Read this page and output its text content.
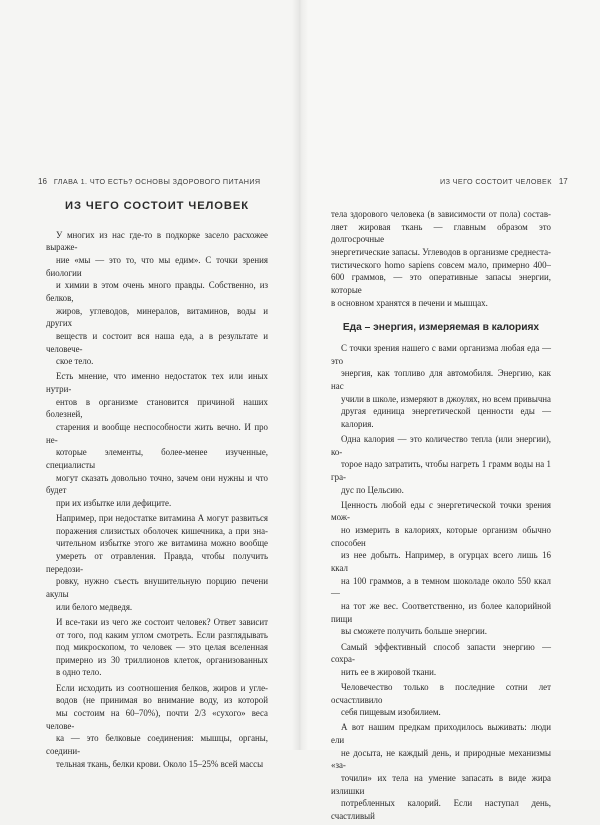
16 ГЛАВА 1. ЧТО ЕСТЬ? ОСНОВЫ ЗДОРОВОГО ПИТАНИЯ	ИЗ ЧЕГО СОСТОИТ ЧЕЛОВЕК 17
ИЗ ЧЕГО СОСТОИТ ЧЕЛОВЕК

У многих из нас где-то в подкорке засело расхожее выраже-
ние «мы — это то, что мы едим». С точки зрения биологии
и химии в этом очень много правды. Собственно, из белков,
жиров, углеводов, минералов, витаминов, воды и других
веществ и состоит вся наша еда, а в результате и человече-
ское тело.

Есть мнение, что именно недостаток тех или иных нутри-
ентов в организме становится причиной наших болезней,
старения и вообще неспособности жить вечно. И про не-
которые элементы, более-менее изученные, специалисты
могут сказать довольно точно, зачем они нужны и что будет
при их избытке или дефиците.

Например, при недостатке витамина А могут развиться
поражения слизистых оболочек кишечника, а при зна-
чительном избытке этого же витамина можно вообще
умереть от отравления. Правда, чтобы получить передози-
ровку, нужно съесть внушительную порцию печени акулы
или белого медведя.

И все-таки из чего же состоит человек? Ответ зависит
от того, под каким углом смотреть. Если разглядывать
под микроскопом, то человек — это целая вселенная
примерно из 30 триллионов клеток, организованных
в одно тело.

Если исходить из соотношения белков, жиров и угле-
водов (не принимая во внимание воду, из которой
мы состоим на 60–70%), почти 2/3 «сухого» веса челове-
ка — это белковые соединения: мышцы, органы, соедини-
тельная ткань, белки крови. Около 15–25% всей массы

тела здорового человека (в зависимости от пола) состав-
ляет жировая ткань — главным образом это долгосрочные
энергетические запасы. Углеводов в организме среднеста-
тистического homo sapiens совсем мало, примерно 400–
600 граммов, — это оперативные запасы энергии, которые
в основном хранятся в печени и мышцах.

Еда – энергия, измеряемая в калориях

С точки зрения нашего с вами организма любая еда — это
энергия, как топливо для автомобиля. Энергию, как нас
учили в школе, измеряют в джоулях, но всем привычна
другая единица энергетической ценности еды —
калория.

Одна калория — это количество тепла (или энергии), ко-
торое надо затратить, чтобы нагреть 1 грамм воды на 1 гра-
дус по Цельсию.

Ценность любой еды с энергетической точки зрения мож-
но измерить в калориях, которые организм обычно способен
из нее добыть. Например, в огурцах всего лишь 16 ккал
на 100 граммов, а в темном шоколаде около 550 ккал —
на тот же вес. Соответственно, из более калорийной пищи
вы сможете получить больше энергии.

Самый эффективный способ запасти энергию — сохра-
нить ее в жировой ткани.

Человечество только в последние сотни лет осчастливило
себя пищевым изобилием.

А вот нашим предкам приходилось выживать: люди ели
не досыта, не каждый день, и природные механизмы «за-
точили» их тела на умение запасать в виде жира излишки
потребленных калорий. Если наступал день, счастливый
